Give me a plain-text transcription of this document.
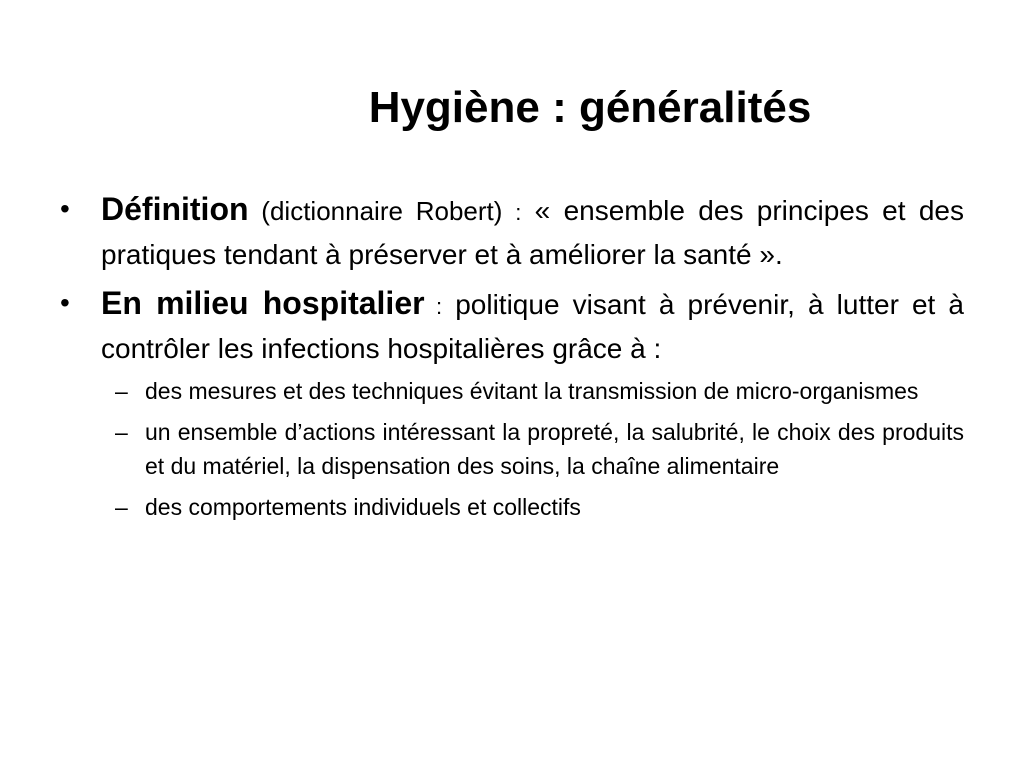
Hygiène : généralités
• Définition (dictionnaire Robert) : « ensemble des principes et des pratiques tendant à préserver et à améliorer la santé ».
• En milieu hospitalier : politique visant à prévenir, à lutter et à contrôler les infections hospitalières grâce à :
– des mesures et des techniques évitant la transmission de micro-organismes
– un ensemble d’actions intéressant la propreté, la salubrité, le choix des produits et du matériel, la dispensation des soins, la chaîne alimentaire
– des comportements individuels et collectifs
